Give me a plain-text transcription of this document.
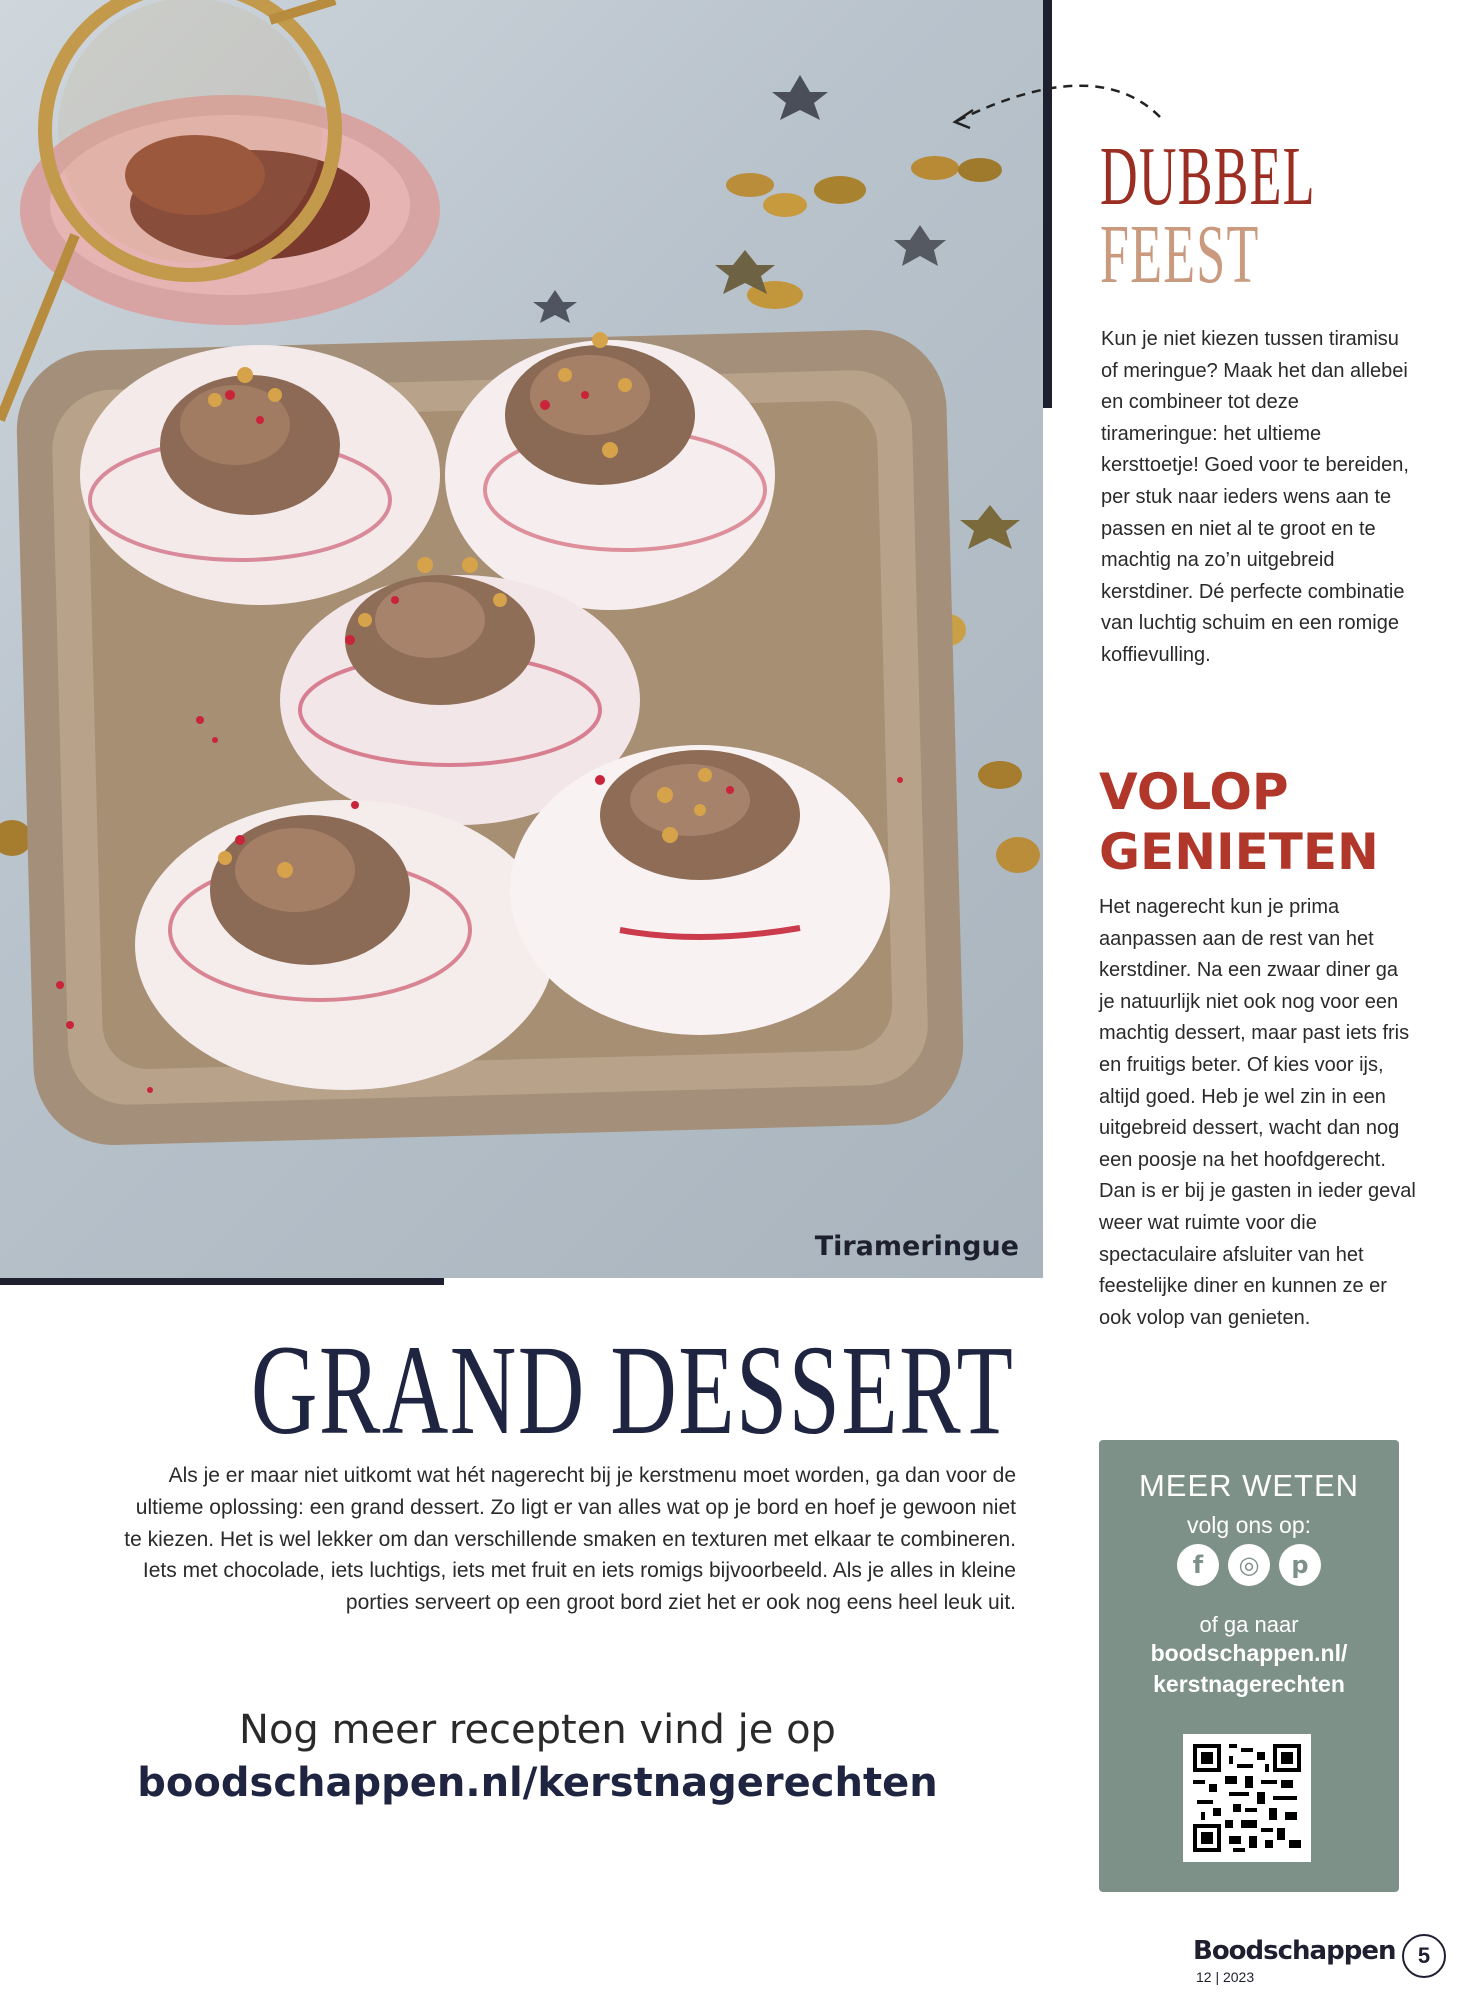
Tirameringue
DUBBEL
FEEST
Kun je niet kiezen tussen tiramisu of meringue? Maak het dan allebei en combineer tot deze tirameringue: het ultieme kersttoetje! Goed voor te bereiden, per stuk naar ieders wens aan te passen en niet al te groot en te machtig na zo’n uitgebreid kerstdiner. Dé perfecte combinatie van luchtig schuim en een romige koffievulling.
VOLOP
GENIETEN
Het nagerecht kun je prima aanpassen aan de rest van het kerstdiner. Na een zwaar diner ga je natuurlijk niet ook nog voor een machtig dessert, maar past iets fris en fruitigs beter. Of kies voor ijs, altijd goed. Heb je wel zin in een uitgebreid dessert, wacht dan nog een poosje na het hoofdgerecht. Dan is er bij je gasten in ieder geval weer wat ruimte voor die spectaculaire afsluiter van het feestelijke diner en kunnen ze er ook volop van genieten.
MEER WETEN
volg ons op:
f	◎	p
of ga naar
boodschappen.nl/
kerstnagerechten
GRAND DESSERT
Als je er maar niet uitkomt wat hét nagerecht bij je kerstmenu moet worden, ga dan voor de ultieme oplossing: een grand dessert. Zo ligt er van alles wat op je bord en hoef je gewoon niet te kiezen. Het is wel lekker om dan verschillende smaken en texturen met elkaar te combineren. Iets met chocolade, iets luchtigs, iets met fruit en iets romigs bijvoorbeeld. Als je alles in kleine porties serveert op een groot bord ziet het er ook nog eens heel leuk uit.
Nog meer recepten vind je op
boodschappen.nl/kerstnagerechten
Boodschappen
12 | 2023
5
